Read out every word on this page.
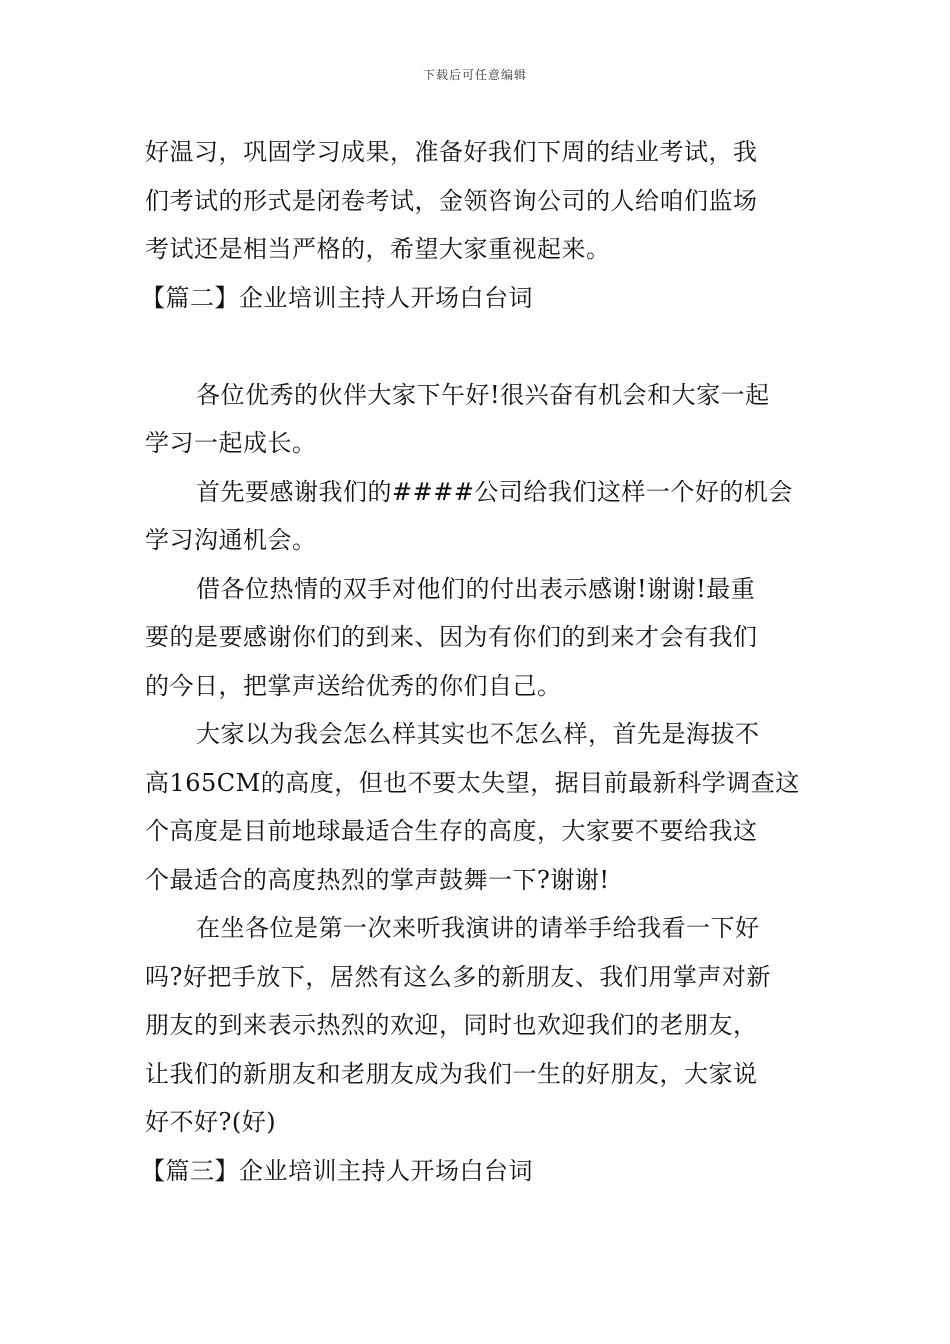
下载后可任意编辑
好温习，巩固学习成果，准备好我们下周的结业考试，我
们考试的形式是闭卷考试，金领咨询公司的人给咱们监场
考试还是相当严格的，希望大家重视起来。
【篇二】企业培训主持人开场白台词
各位优秀的伙伴大家下午好!很兴奋有机会和大家一起
学习一起成长。
首先要感谢我们的####公司给我们这样一个好的机会
学习沟通机会。
借各位热情的双手对他们的付出表示感谢!谢谢!最重
要的是要感谢你们的到来、因为有你们的到来才会有我们
的今日，把掌声送给优秀的你们自己。
大家以为我会怎么样其实也不怎么样，首先是海拔不
高165CM的高度，但也不要太失望，据目前最新科学调查这
个高度是目前地球最适合生存的高度，大家要不要给我这
个最适合的高度热烈的掌声鼓舞一下?谢谢!
在坐各位是第一次来听我演讲的请举手给我看一下好
吗?好把手放下，居然有这么多的新朋友、我们用掌声对新
朋友的到来表示热烈的欢迎，同时也欢迎我们的老朋友，
让我们的新朋友和老朋友成为我们一生的好朋友，大家说
好不好?(好)
【篇三】企业培训主持人开场白台词
